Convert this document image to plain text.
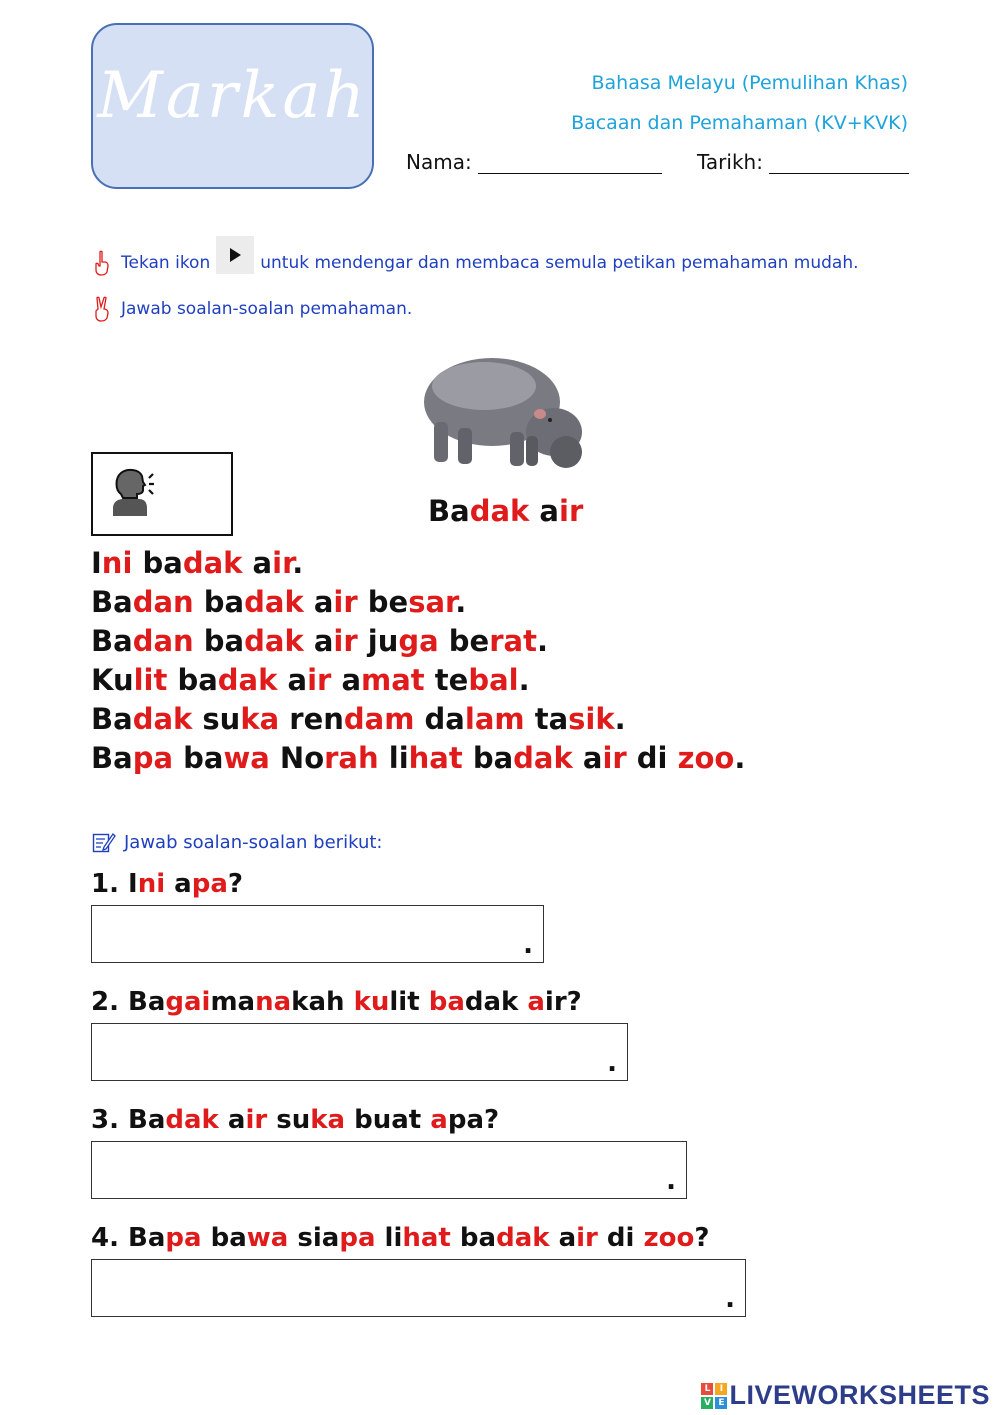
Markah	Bahasa Melayu (Pemulihan Khas)
Bacaan dan Pemahaman (KV+KVK)
Nama:	Tarikh:
Tekan ikon	untuk mendengar dan membaca semula petikan pemahaman mudah.
Jawab soalan-soalan pemahaman.
Badak air
Ini badak air.
Badan badak air besar.
Badan badak air juga berat.
Kulit badak air amat tebal.
Badak suka rendam dalam tasik.
Bapa bawa Norah lihat badak air di zoo.
Jawab soalan-soalan berikut:
1. Ini apa?
.
2. Bagaimanakah kulit badak air?
.
3. Badak air suka buat apa?
.
4. Bapa bawa siapa lihat badak air di zoo?
.
L	I
V E LIVEWORKSHEETS
